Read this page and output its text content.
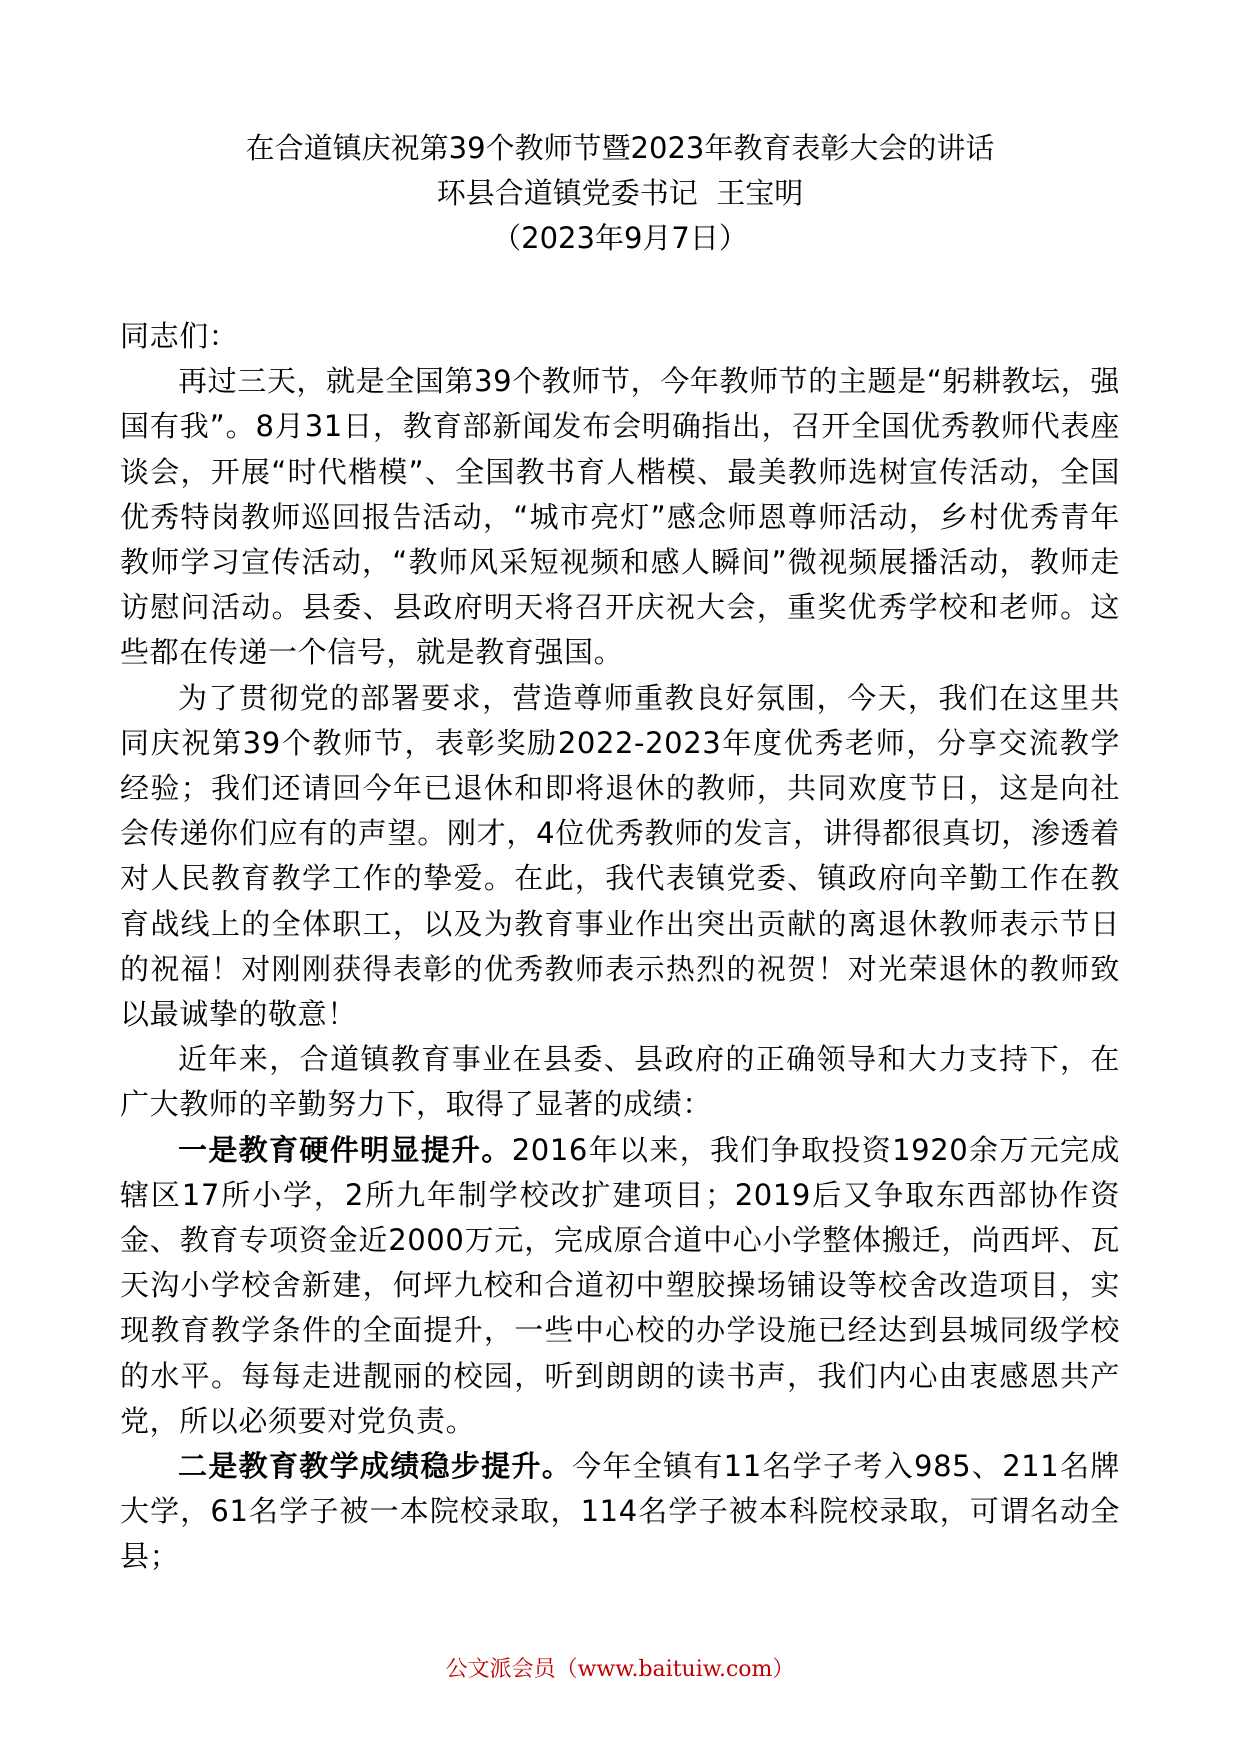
在合道镇庆祝第39个教师节暨2023年教育表彰大会的讲话
环县合道镇党委书记  王宝明
（2023年9月7日）

同志们：

再过三天，就是全国第39个教师节，今年教师节的主题是“躬耕教坛，强国有我”。8月31日，教育部新闻发布会明确指出，召开全国优秀教师代表座谈会，开展“时代楷模”、全国教书育人楷模、最美教师选树宣传活动，全国优秀特岗教师巡回报告活动，“城市亮灯”感念师恩尊师活动，乡村优秀青年教师学习宣传活动，“教师风采短视频和感人瞬间”微视频展播活动，教师走访慰问活动。县委、县政府明天将召开庆祝大会，重奖优秀学校和老师。这些都在传递一个信号，就是教育强国。

为了贯彻党的部署要求，营造尊师重教良好氛围，今天，我们在这里共同庆祝第39个教师节，表彰奖励2022-2023年度优秀老师，分享交流教学经验；我们还请回今年已退休和即将退休的教师，共同欢度节日，这是向社会传递你们应有的声望。刚才，4位优秀教师的发言，讲得都很真切，渗透着对人民教育教学工作的挚爱。在此，我代表镇党委、镇政府向辛勤工作在教育战线上的全体职工，以及为教育事业作出突出贡献的离退休教师表示节日的祝福！对刚刚获得表彰的优秀教师表示热烈的祝贺！对光荣退休的教师致以最诚挚的敬意！

近年来，合道镇教育事业在县委、县政府的正确领导和大力支持下，在广大教师的辛勤努力下，取得了显著的成绩：

一是教育硬件明显提升。2016年以来，我们争取投资1920余万元完成辖区17所小学，2所九年制学校改扩建项目；2019后又争取东西部协作资金、教育专项资金近2000万元，完成原合道中心小学整体搬迁，尚西坪、瓦天沟小学校舍新建，何坪九校和合道初中塑胶操场铺设等校舍改造项目，实现教育教学条件的全面提升，一些中心校的办学设施已经达到县城同级学校的水平。每每走进靓丽的校园，听到朗朗的读书声，我们内心由衷感恩共产党，所以必须要对党负责。

二是教育教学成绩稳步提升。今年全镇有11名学子考入985、211名牌大学，61名学子被一本院校录取，114名学子被本科院校录取，可谓名动全县；

公文派会员（www.baituiw.com）
